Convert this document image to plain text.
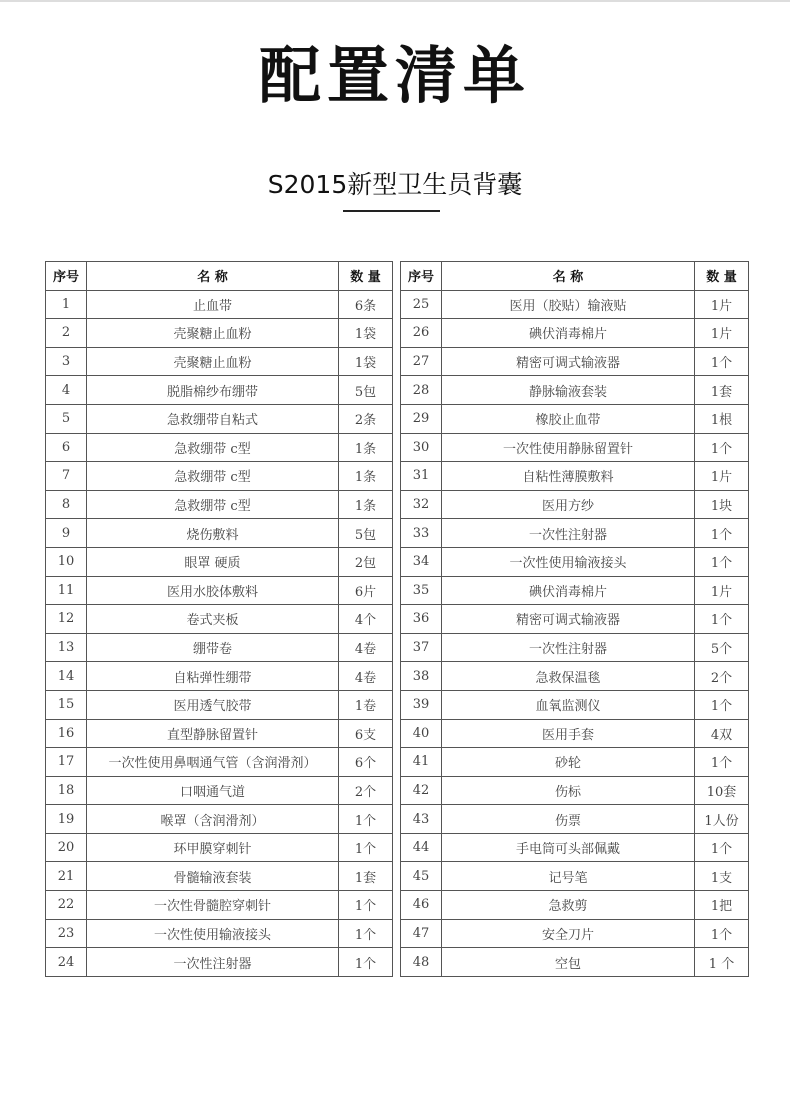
配置清单
S2015新型卫生员背囊
序号	名 称	数 量
1	止血带	6条
2	壳聚糖止血粉	1袋
3	壳聚糖止血粉	1袋
4	脱脂棉纱布绷带	5包
5	急救绷带自粘式	2条
6	急救绷带 c型	1条
7	急救绷带 c型	1条
8	急救绷带 c型	1条
9	烧伤敷料	5包
10	眼罩 硬质	2包
11	医用水胶体敷料	6片
12	卷式夹板	4个
13	绷带卷	4卷
14	自粘弹性绷带	4卷
15	医用透气胶带	1卷
16	直型静脉留置针	6支
17	一次性使用鼻咽通气管（含润滑剂）	6个
18	口咽通气道	2个
19	喉罩（含润滑剂）	1个
20	环甲膜穿刺针	1个
21	骨髓输液套装	1套
22	一次性骨髓腔穿刺针	1个
23	一次性使用输液接头	1个
24	一次性注射器	1个
序号	名 称	数 量
25	医用（胶贴）输液贴	1片
26	碘伏消毒棉片	1片
27	精密可调式输液器	1个
28	静脉输液套装	1套
29	橡胶止血带	1根
30	一次性使用静脉留置针	1个
31	自粘性薄膜敷料	1片
32	医用方纱	1块
33	一次性注射器	1个
34	一次性使用输液接头	1个
35	碘伏消毒棉片	1片
36	精密可调式输液器	1个
37	一次性注射器	5个
38	急救保温毯	2个
39	血氧监测仪	1个
40	医用手套	4双
41	砂轮	1个
42	伤标	10套
43	伤票	1人份
44	手电筒可头部佩戴	1个
45	记号笔	1支
46	急救剪	1把
47	安全刀片	1个
48	空包	1 个
